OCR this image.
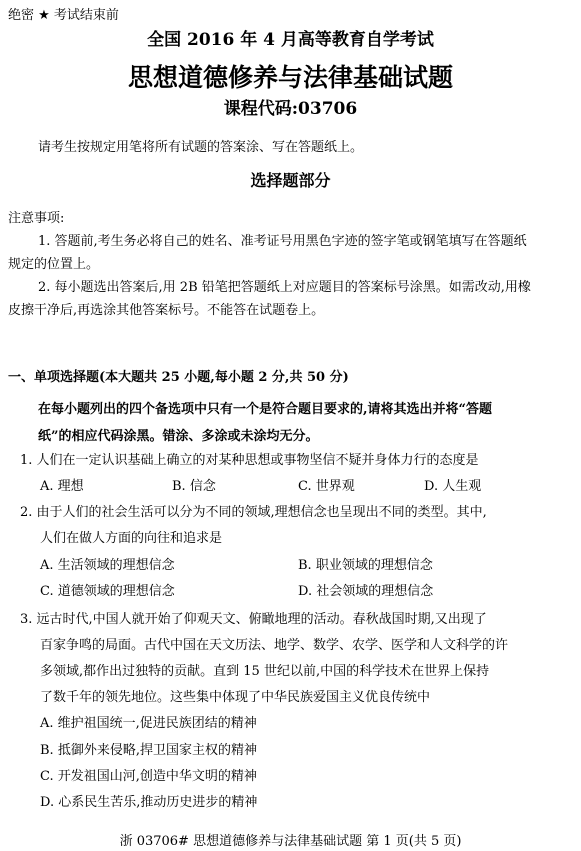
绝密 ★ 考试结束前
全国 2016 年 4 月高等教育自学考试
思想道德修养与法律基础试题
课程代码:03706
请考生按规定用笔将所有试题的答案涂、写在答题纸上。
选择题部分
注意事项:
1. 答题前,考生务必将自己的姓名、准考证号用黑色字迹的签字笔或钢笔填写在答题纸
规定的位置上。
2. 每小题选出答案后,用 2B 铅笔把答题纸上对应题目的答案标号涂黑。如需改动,用橡
皮擦干净后,再选涂其他答案标号。不能答在试题卷上。
一、单项选择题(本大题共 25 小题,每小题 2 分,共 50 分)
在每小题列出的四个备选项中只有一个是符合题目要求的,请将其选出并将“答题
纸”的相应代码涂黑。错涂、多涂或未涂均无分。
1. 人们在一定认识基础上确立的对某种思想或事物坚信不疑并身体力行的态度是
A. 理想	B. 信念	C. 世界观	D. 人生观
2. 由于人们的社会生活可以分为不同的领域,理想信念也呈现出不同的类型。其中,
人们在做人方面的向往和追求是
A. 生活领域的理想信念	B. 职业领域的理想信念
C. 道德领域的理想信念	D. 社会领域的理想信念
3. 远古时代,中国人就开始了仰观天文、俯瞰地理的活动。春秋战国时期,又出现了
百家争鸣的局面。古代中国在天文历法、地学、数学、农学、医学和人文科学的许
多领域,都作出过独特的贡献。直到 15 世纪以前,中国的科学技术在世界上保持
了数千年的领先地位。这些集中体现了中华民族爱国主义优良传统中
A. 维护祖国统一,促进民族团结的精神
B. 抵御外来侵略,捍卫国家主权的精神
C. 开发祖国山河,创造中华文明的精神
D. 心系民生苦乐,推动历史进步的精神
浙 03706# 思想道德修养与法律基础试题 第 1 页(共 5 页)
